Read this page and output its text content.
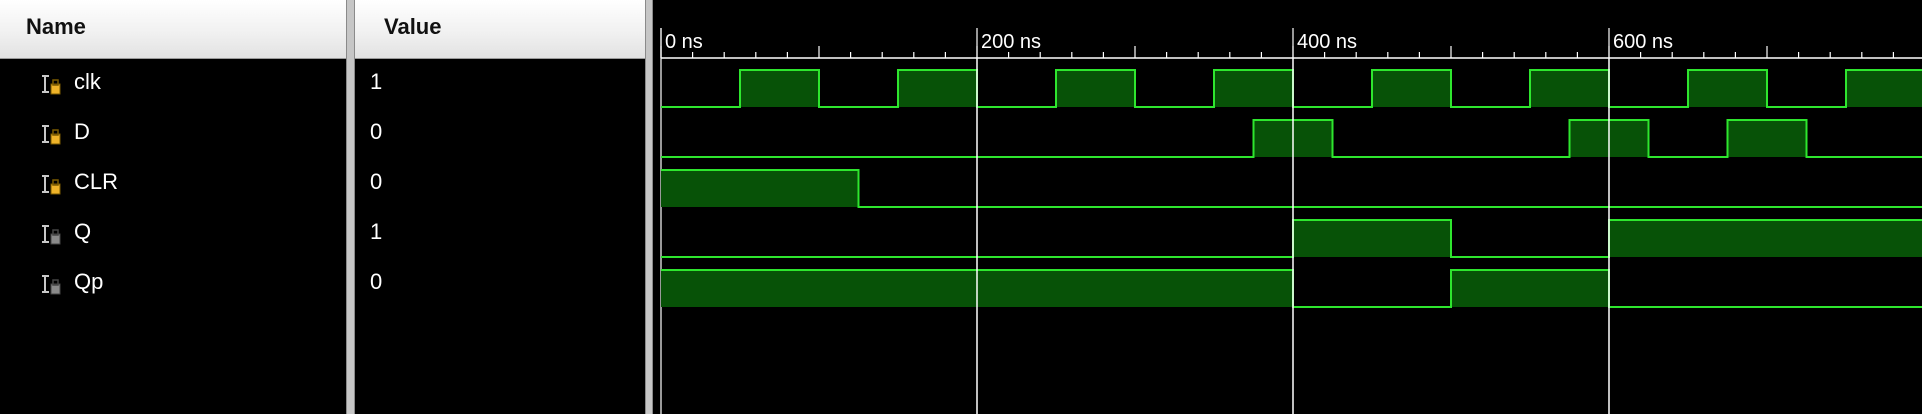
Name	Value
clk	1
D	0
CLR	0
Q	1
Qp	0
0 ns	200 ns	400 ns	600 ns
